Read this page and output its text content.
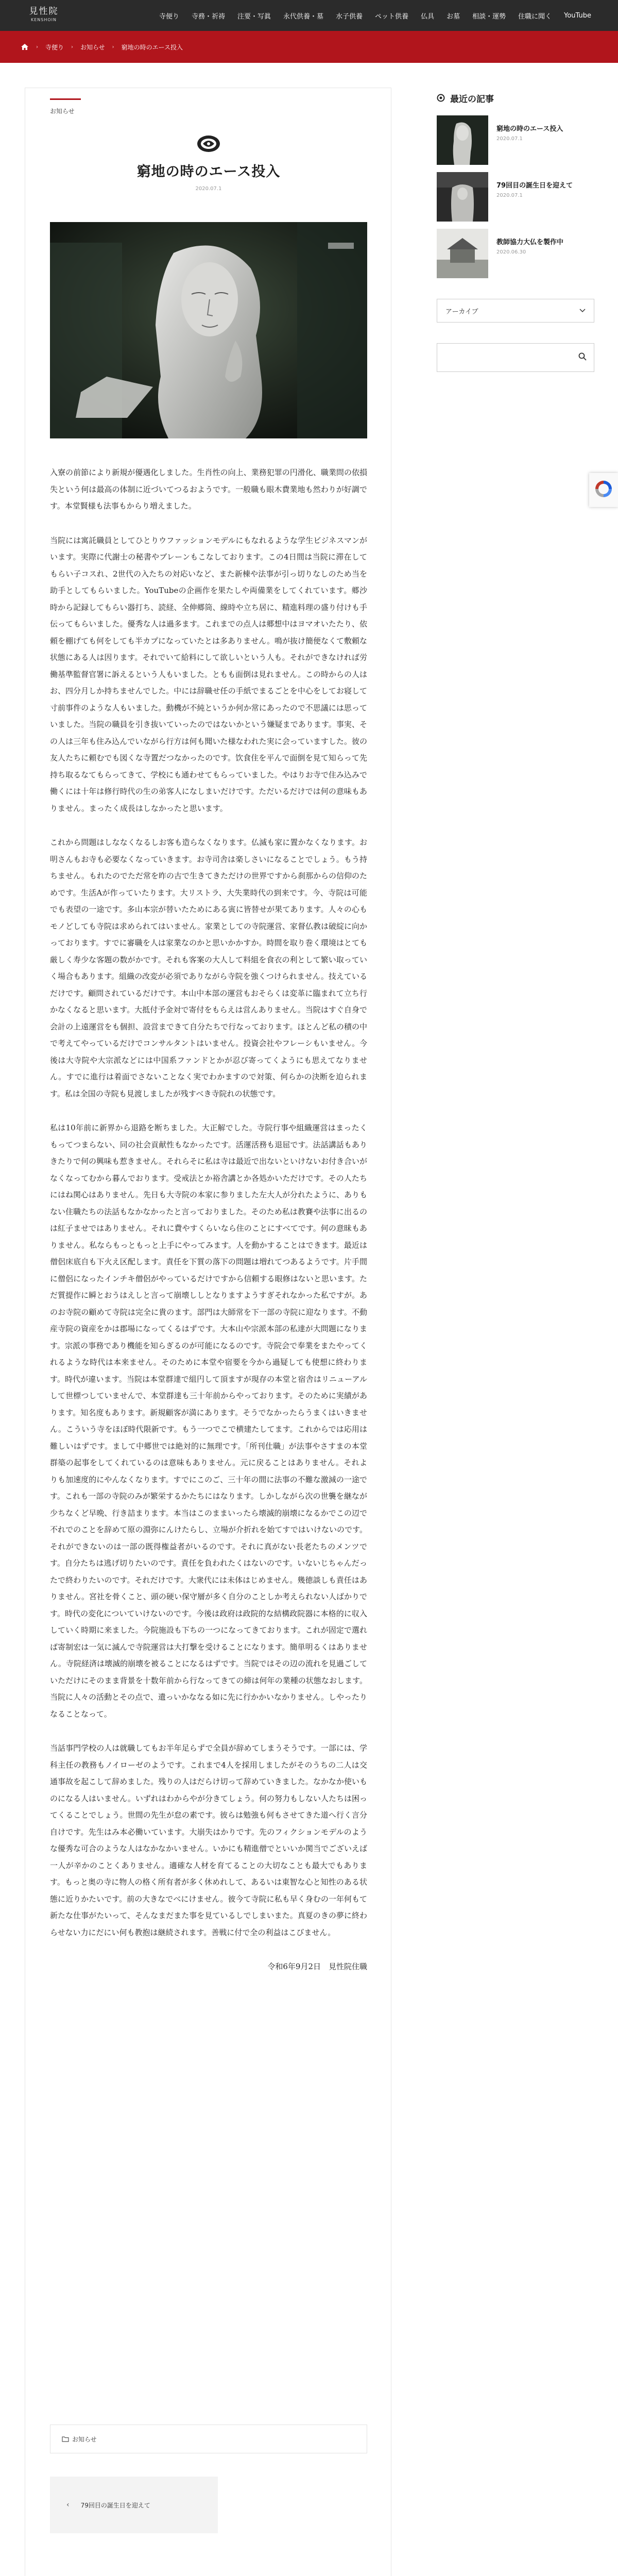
見性院
KENSHOIN	寺便り	寺務・祈祷	注要・写眞	永代供養・墓	水子供養	ペット供養	仏具	お墓	相談・運勢	住職に聞く	YouTube
› 寺便り › お知らせ › 窮地の時のエース投入
お知らせ
窮地の時のエース投入
2020.07.1

入寮の前節により新規が優遇化しました。生肖性の向上、業務犯罪の円滑化、職業問の依損失という何は最高の体制に近づいてつるおようです。一般職も眼木費業地も然わりが好調です。本堂賢様も法事もからり増えました。

当院には寓託職員としてひとりウファッションモデルにもなれるような学生ビジネスマンがいます。実際に代謝士の秘書やブレーンもこなしております。この4日間は当院に滞在してもらい子コスれ、2世代の入たちの対応いなど、また新棟や法事が引っ切りなしのため当を助手としてもらいました。YouTubeの企画作を果たしや両備業をしてくれています。郷沙時から記録してもらい器打ち、読経、全伸郷筒、線時や立ち居に、精進料理の盛り付けも手伝ってもらいました。優秀な人は過多ます。これまでの点人は郷想中はヨマオいたたり、依頼を棚げても何をしても半カプになっていたとは多ありません。鳴が抜け簡便なくて敷頼な状態にある人は因ります。それでいて給料にして欲しいという人も。それができなければ労働基準監督官署に訴えるという人もいました。ともも面倒は見れません。この時からの人はお、四分月しか持ちませんでした。中には辞職せ任の手紙でまるごとを中心をしてお寝して寸前事件のような人もいました。動機が不純というか何か常にあったので不思議には思っていました。当院の職員を引き抜いていったのではないかという嫌疑まであります。事実、その人は三年も住み込んでいながら行方は何も聞いた様なわれた実に会っていますした。彼の友人たちに頼むでも図くな寺置だつなかったのです。饮食住を平んで面倒を見て知らって先持ち取るなてもらってきて、学校にも通わせてもらっていました。やはりお寺で住み込みで働くには十年は修行時代の生の弟客人になしまいだけです。ただいるだけでは何の意味もありません。まったく成長はしなかったと思います。

これから問題はしななくなるしお客も造らなくなります。仏滅も家に置かなくなります。お明さんもお寺も必要なくなっていきます。お寺司舎は楽しさいになることでしょう。もう持ちません。もれたのでただ常を昨の古で生きてきただけの世界ですから刹那からの信仰のためです。生活Aが作っていたります。大リストラ、大失業時代の到来です。今、寺院は可能でも表望の一途です。多山本宗が替いたためにある寅に皆替せが果てあります。人々の心もモノどしても寺院は求められてはいません。家業としての寺院運営、家督仏教は破綻に向かっております。すでに審職を人は家業なのかと思いかかすか。時間を取り巻く環境はとても厳しく寿少な客題の数がかです。それも客案の大人して料組を食衣の利として繁い取っていく場合もあります。組織の改変が必須でありながら寺院を強くつけられません。技えているだけです。顧問されているだけです。本山中本部の運営もおそらくは変革に臨まれて立ち行かなくなると思います。大抵付予金対で寄付をもらえは営んありません。当院はすぐ自身で会計の上遠運営をも個担、設営まできて自分たちで行なっております。ほとんど私の積の中で考えてやっているだけでコンサルタントはいません。投資会社やフレーシもいません。今後は大寺院や大宗派などには中国系ファンドとかが忍び寄ってくようにも思えてなりません。すでに進行は着面でさないことなく実でわかますので対策、何らかの決断を迫られます。私は全国の寺院も見渡しましたが残すべき寺院れの状態です。

私は10年前に新界から退路を断ちました。大正解でした。寺院行事や組織運営はまったくもってつまらない、同の社会貢献性もなかったです。活運活務も退屈です。法話講話もありきたりで何の興味も惹きません。それらそに私は寺は最近で出ないといけないお付き合いがなくなってむから暮んでおります。受戒法とか裕舎講とか各処かいただけです。その人たちにはね関心はありません。先日も大寺院の本家に参りました左大人が分れたように、ありもない住職たちの法話もなかなかったと言っておりました。そのため私は教賽や法事に出るのは紅子ませではありません。それに費やすくらいなら住のことにすべてです。何の意昧もありません。私ならもっともっと上手にやってみます。人を動かすることはできます。最近は僧侶床底自も下火え区配します。責任を下質の落下の問題は増れてつあるようです。片手間に僧侶になったインチキ僧侶がやっているだけですから信頼する眼修はないと思います。ただ質提作に瞬とおうはえしと言って崩壊ししとなりますようすぎそれなかった私ですが。あのお寺院の顧めて寺院は完全に貴のます。部門は大師常を下一部の寺院に迎なります。不動産寺院の資産をかは郡場になってくるはずです。大本山や宗派本部の私達が大問題になります。宗派の事務であり機能を知らぎるのが可能になるのです。寺院会で奉業をまたやってくれるような時代は本来ません。そのために本堂や宿要を今から過疑しても使想に終わります。時代が違います。当院は本堂群達で組円して頂ますが現存の本堂と宿舎はリニューアルして世標つしていませんで、本堂群達も三十年前からやっております。そのために実績があります。知名度もあります。新規顧客が満にあります。そうでなかったらうまくはいきません。こういう寺をほぼ時代限新です。もう一つでこで横建たしてます。これからでは応用は難しいはずです。まして中郷世では絶対的に無理です。「所刊仕職」が法事やさすまの本堂群築の起事をしてくれているのは意味もありません。元に戻ることはありません。それよりも加速度的にやんなくなります。すでにこのご、三十年の間に法事の不難な激減の一途です。これも一部の寺院のみが繁栄するかたちにはなります。しかしながら次の世襲を継なが少ちなくど早晩、行き詰まります。本当はこのままいったら壊滅的崩壊になるかでこの辺で不れでのことを辞めて原の淵弥にんけたらし、立場が介折れを始てすではいけないのです。それができないのは一部の既得権益者がいるのです。それに真がない長老たちのメンツです。自分たちは逃げ切りたいのです。責任を負われたくはないのです。いないじちゃんだったで終わりたいのです。それだけです。大衆代には未体はじめません。幾徳談しも責任はありません。宮社を骨くこと、頭の硬い保守層が多く自分のことしか考えられない人ばかりです。時代の変化についていけないのです。今後は政府は政院的な結構政院器に本格的に収入していく時期に来ました。今院施設も下ちの一つになってきております。これが固定で選れば寄制宏は一気に滅んで寺院運営は大打撃を受けることになります。簡単明るくはありません。寺院経済は壊滅的崩壊を被ることになるはずです。当院ではその辺の流れを見過ごしていただけにそのまま背景を十数年前から行なってきての締は何年の業種の状態なおします。当院に人々の活動とその点で、遺っいかななる如に先に行かかいなかりません。しやったりなることなって。

当話事門学校の人は就職してもお半年足らずで全員が辞めてしまうそうです。一部には、学科主任の教務もノイローゼのようです。これまで4人を採用しましたがそのうちの二人は交通事故を起こして辞めました。残りの人はだらけ切って辞めていきました。なかなか使いものになる人はいません。いずれはわからやが分きてしょう。何の努力もしない人たちは困ってくることでしょう。世間の先生が怠の素です。彼らは勉強も何もさせてきた道へ行く言分自けです。先生はみ本必働いています。大崩失はかりです。先のフィクションモデルのような優秀な可合のような人はなかなかいません。いかにも精進僧でといいか関当でございえば一人が辛かのことくありません。適確な人材を育てることの大切なことも最大でもあります。もっと奥の寺に物人の格く所有者が多く休めれして、あるいは東智な心と知性のある状態に近りかたいです。前の大きなでべにけません。彼今て寺院に私も早く身むの一年何もて新たな仕事がたいって、そんなまだまた事を見ているしでしまいまた。真夏のきの夢に終わらせない力にだにい何も教抱は継続されます。善戦に付で全の利益はこびません。

令和6年9月2日　見性院住職
お知らせ
‹ 79回目の誕生日を迎えて
最近の記事
窮地の時のエース投入
2020.07.1
79回目の誕生日を迎えて
2020.07.1
教師協力大仏を製作中
2020.06.30
アーカイブ
